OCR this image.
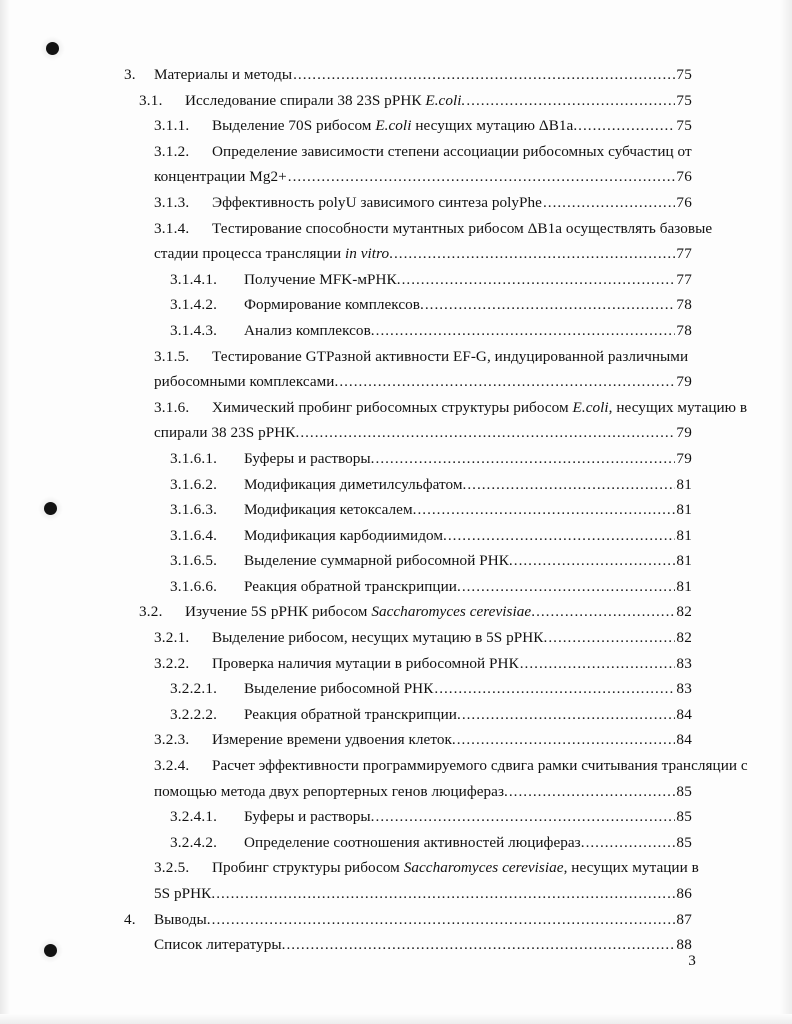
3.	Материалы и методы .....	75
3.1.	Исследование спирали 38 23S рРНК E.coli. .....	75
3.1.1.	Выделение 70S рибосом E.coli несущих мутацию ΔB1a. .....	75
3.1.2.	Определение зависимости степени ассоциации рибосомных субчастиц от
концентрации Mg2+ .....	76
3.1.3.	Эффективность polyU зависимого синтеза polyPhe .....	76
3.1.4.	Тестирование способности мутантных рибосом ΔB1a осуществлять базовые
стадии процесса трансляции in vitro. .....	77
3.1.4.1.	Получение MFK-мРНК. .....	77
3.1.4.2.	Формирование комплексов. .....	78
3.1.4.3.	Анализ комплексов. .....	78
3.1.5.	Тестирование GTPазной активности EF-G, индуцированной различными
рибосомными комплексами. .....	79
3.1.6.	Химический пробинг рибосомных структуры рибосом E.coli, несущих мутацию в
спирали 38 23S рРНК. .....	79
3.1.6.1.	Буферы и растворы. .....	79
3.1.6.2.	Модификация диметилсульфатом. .....	81
3.1.6.3.	Модификация кетоксалем. .....	81
3.1.6.4.	Модификация карбодиимидом. .....	81
3.1.6.5.	Выделение суммарной рибосомной РНК. .....	81
3.1.6.6.	Реакция обратной транскрипции. .....	81
3.2.	Изучение 5S рРНК рибосом Saccharomyces cerevisiae. .....	82
3.2.1.	Выделение рибосом, несущих мутацию в 5S рРНК. .....	82
3.2.2.	Проверка наличия мутации в рибосомной РНК .....	83
3.2.2.1.	Выделение рибосомной РНК .....	83
3.2.2.2.	Реакция обратной транскрипции. .....	84
3.2.3.	Измерение времени удвоения клеток. .....	84
3.2.4.	Расчет эффективности программируемого сдвига рамки считывания трансляции с
помощью метода двух репортерных генов люцифераз. .....	85
3.2.4.1.	Буферы и растворы. .....	85
3.2.4.2.	Определение соотношения активностей люцифераз. .....	85
3.2.5.	Пробинг структуры рибосом Saccharomyces cerevisiae, несущих мутации в
5S рРНК. .....	86
4.	Выводы. .....	87
Список литературы. .....	88
3
